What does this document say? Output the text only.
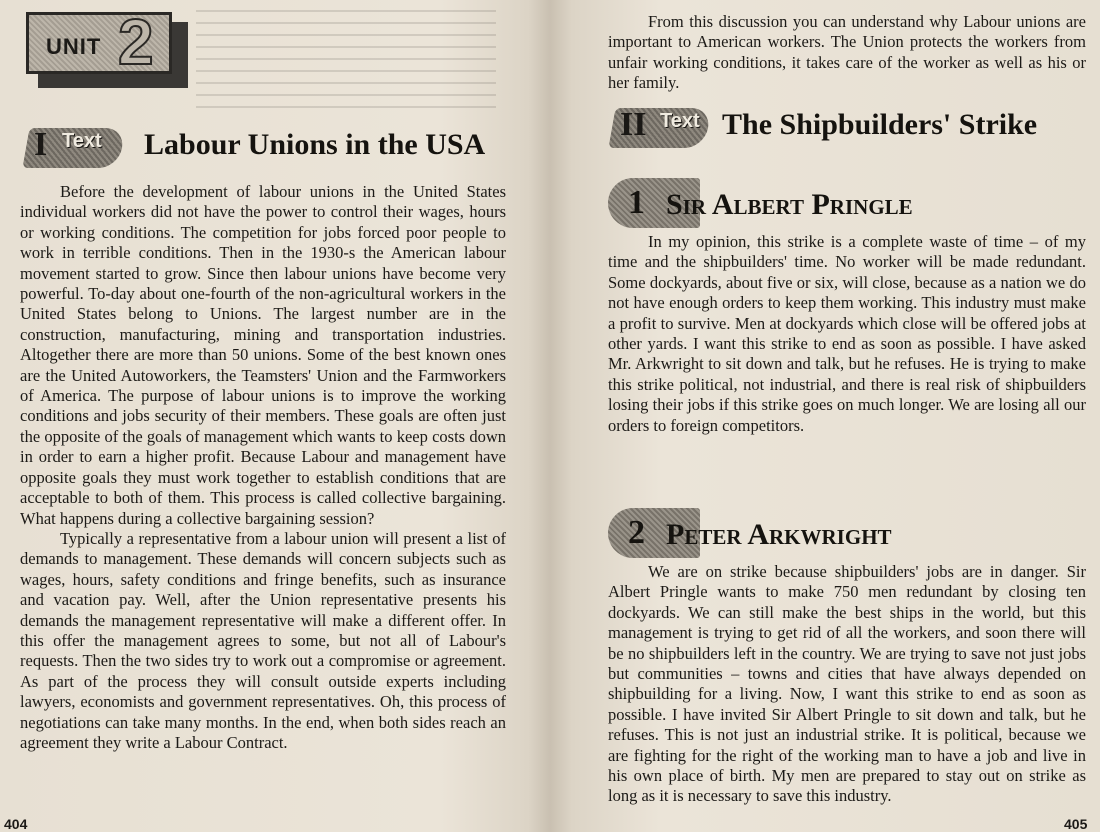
UNIT 2
I Text Labour Unions in the USA

Before the development of labour unions in the United States individual workers did not have the power to control their wages, hours or working conditions. The competition for jobs forced poor people to work in terrible conditions. Then in the 1930-s the American labour movement started to grow. Since then labour unions have become very powerful. To-day about one-fourth of the non-agricultural workers in the United States belong to Unions. The largest number are in the construction, manufacturing, mining and transportation industries. Altogether there are more than 50 unions. Some of the best known ones are the United Autoworkers, the Teamsters' Union and the Farmworkers of America. The purpose of labour unions is to improve the working conditions and jobs security of their members. These goals are often just the opposite of the goals of management which wants to keep costs down in order to earn a higher profit. Because Labour and management have opposite goals they must work together to establish conditions that are acceptable to both of them. This process is called collective bargaining. What happens during a collective bargaining session?

Typically a representative from a labour union will present a list of demands to management. These demands will concern subjects such as wages, hours, safety conditions and fringe benefits, such as insurance and vacation pay. Well, after the Union representative presents his demands the management representative will make a different offer. In this offer the management agrees to some, but not all of Labour's requests. Then the two sides try to work out a compromise or agreement. As part of the process they will consult outside experts including lawyers, economists and government representatives. Oh, this process of negotiations can take many months. In the end, when both sides reach an agreement they write a Labour Contract.

404

From this discussion you can understand why Labour unions are important to American workers. The Union protects the workers from unfair working conditions, it takes care of the worker as well as his or her family.

II Text The Shipbuilders' Strike
1 Sir Albert Pringle

In my opinion, this strike is a complete waste of time – of my time and the shipbuilders' time. No worker will be made redundant. Some dockyards, about five or six, will close, because as a nation we do not have enough orders to keep them working. This industry must make a profit to survive. Men at dockyards which close will be offered jobs at other yards. I want this strike to end as soon as possible. I have asked Mr. Arkwright to sit down and talk, but he refuses. He is trying to make this strike political, not industrial, and there is real risk of shipbuilders losing their jobs if this strike goes on much longer. We are losing all our orders to foreign competitors.

2 Peter Arkwright

We are on strike because shipbuilders' jobs are in danger. Sir Albert Pringle wants to make 750 men redundant by closing ten dockyards. We can still make the best ships in the world, but this management is trying to get rid of all the workers, and soon there will be no shipbuilders left in the country. We are trying to save not just jobs but communities – towns and cities that have always depended on shipbuilding for a living. Now, I want this strike to end as soon as possible. I have invited Sir Albert Pringle to sit down and talk, but he refuses. This is not just an industrial strike. It is political, because we are fighting for the right of the working man to have a job and live in his own place of birth. My men are prepared to stay out on strike as long as it is necessary to save this industry.

405
